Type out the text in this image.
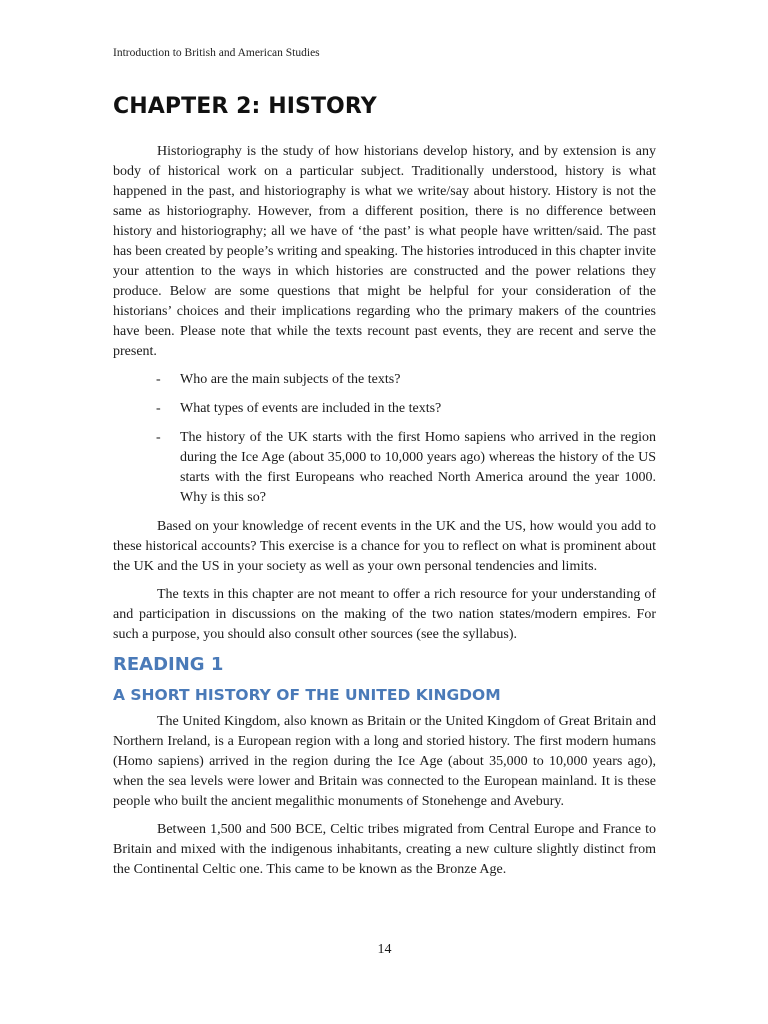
Introduction to British and American Studies
CHAPTER 2: HISTORY

Historiography is the study of how historians develop history, and by extension is any body of historical work on a particular subject. Traditionally understood, history is what happened in the past, and historiography is what we write/say about history. History is not the same as historiography. However, from a different position, there is no difference between history and historiography; all we have of ‘the past’ is what people have written/said. The past has been created by people’s writing and speaking. The histories introduced in this chapter invite your attention to the ways in which histories are constructed and the power relations they produce. Below are some questions that might be helpful for your consideration of the historians’ choices and their implications regarding who the primary makers of the countries have been. Please note that while the texts recount past events, they are recent and serve the present.

- Who are the main subjects of the texts?
- What types of events are included in the texts?
- The history of the UK starts with the first Homo sapiens who arrived in the region during the Ice Age (about 35,000 to 10,000 years ago) whereas the history of the US starts with the first Europeans who reached North America around the year 1000. Why is this so?

Based on your knowledge of recent events in the UK and the US, how would you add to these historical accounts? This exercise is a chance for you to reflect on what is prominent about the UK and the US in your society as well as your own personal tendencies and limits.

The texts in this chapter are not meant to offer a rich resource for your understanding of and participation in discussions on the making of the two nation states/modern empires. For such a purpose, you should also consult other sources (see the syllabus).

READING 1
A SHORT HISTORY OF THE UNITED KINGDOM

The United Kingdom, also known as Britain or the United Kingdom of Great Britain and Northern Ireland, is a European region with a long and storied history. The first modern humans (Homo sapiens) arrived in the region during the Ice Age (about 35,000 to 10,000 years ago), when the sea levels were lower and Britain was connected to the European mainland. It is these people who built the ancient megalithic monuments of Stonehenge and Avebury.

Between 1,500 and 500 BCE, Celtic tribes migrated from Central Europe and France to Britain and mixed with the indigenous inhabitants, creating a new culture slightly distinct from the Continental Celtic one. This came to be known as the Bronze Age.

14
